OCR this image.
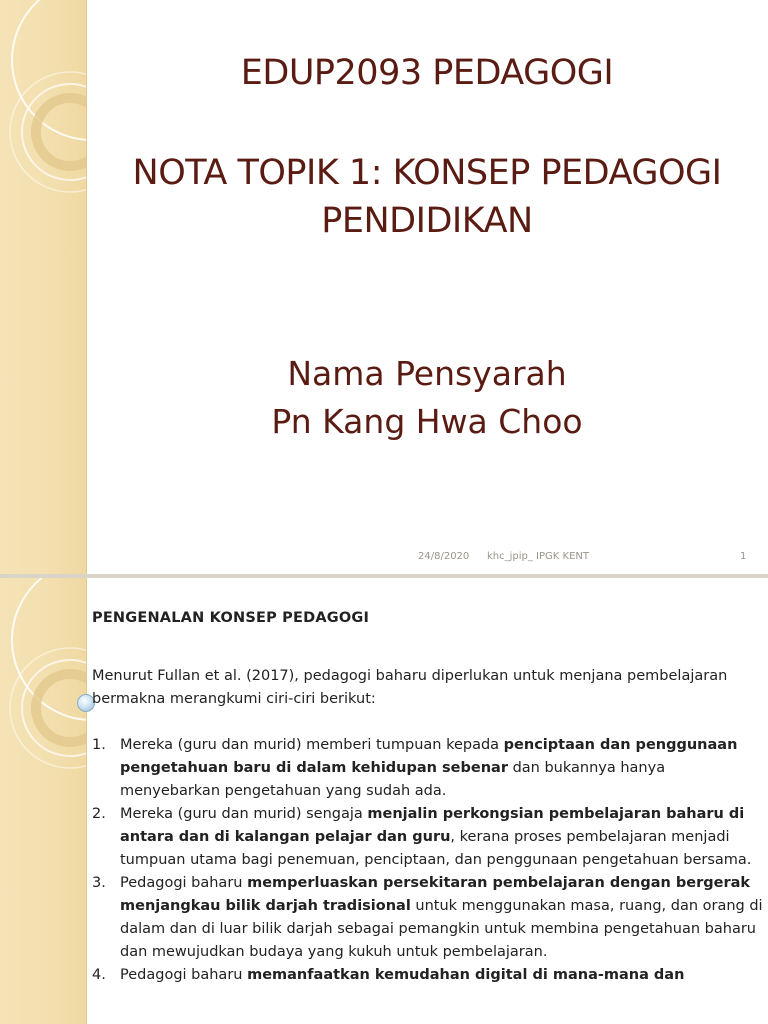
EDUP2093 PEDAGOGI
NOTA TOPIK 1: KONSEP PEDAGOGI
PENDIDIKAN
Nama Pensyarah
Pn Kang Hwa Choo
24/8/2020 khc_jpip_ IPGK KENT	1
PENGENALAN KONSEP PEDAGOGI
Menurut Fullan et al. (2017), pedagogi baharu diperlukan untuk menjana pembelajaran bermakna merangkumi ciri-ciri berikut:
1. Mereka (guru dan murid) memberi tumpuan kepada penciptaan dan penggunaan pengetahuan baru di dalam kehidupan sebenar dan bukannya hanya menyebarkan pengetahuan yang sudah ada.
2. Mereka (guru dan murid) sengaja menjalin perkongsian pembelajaran baharu di antara dan di kalangan pelajar dan guru, kerana proses pembelajaran menjadi tumpuan utama bagi penemuan, penciptaan, dan penggunaan pengetahuan bersama.
3. Pedagogi baharu memperluaskan persekitaran pembelajaran dengan bergerak menjangkau bilik darjah tradisional untuk menggunakan masa, ruang, dan orang di dalam dan di luar bilik darjah sebagai pemangkin untuk membina pengetahuan baharu dan mewujudkan budaya yang kukuh untuk pembelajaran.
4. Pedagogi baharu memanfaatkan kemudahan digital di mana-mana dan
